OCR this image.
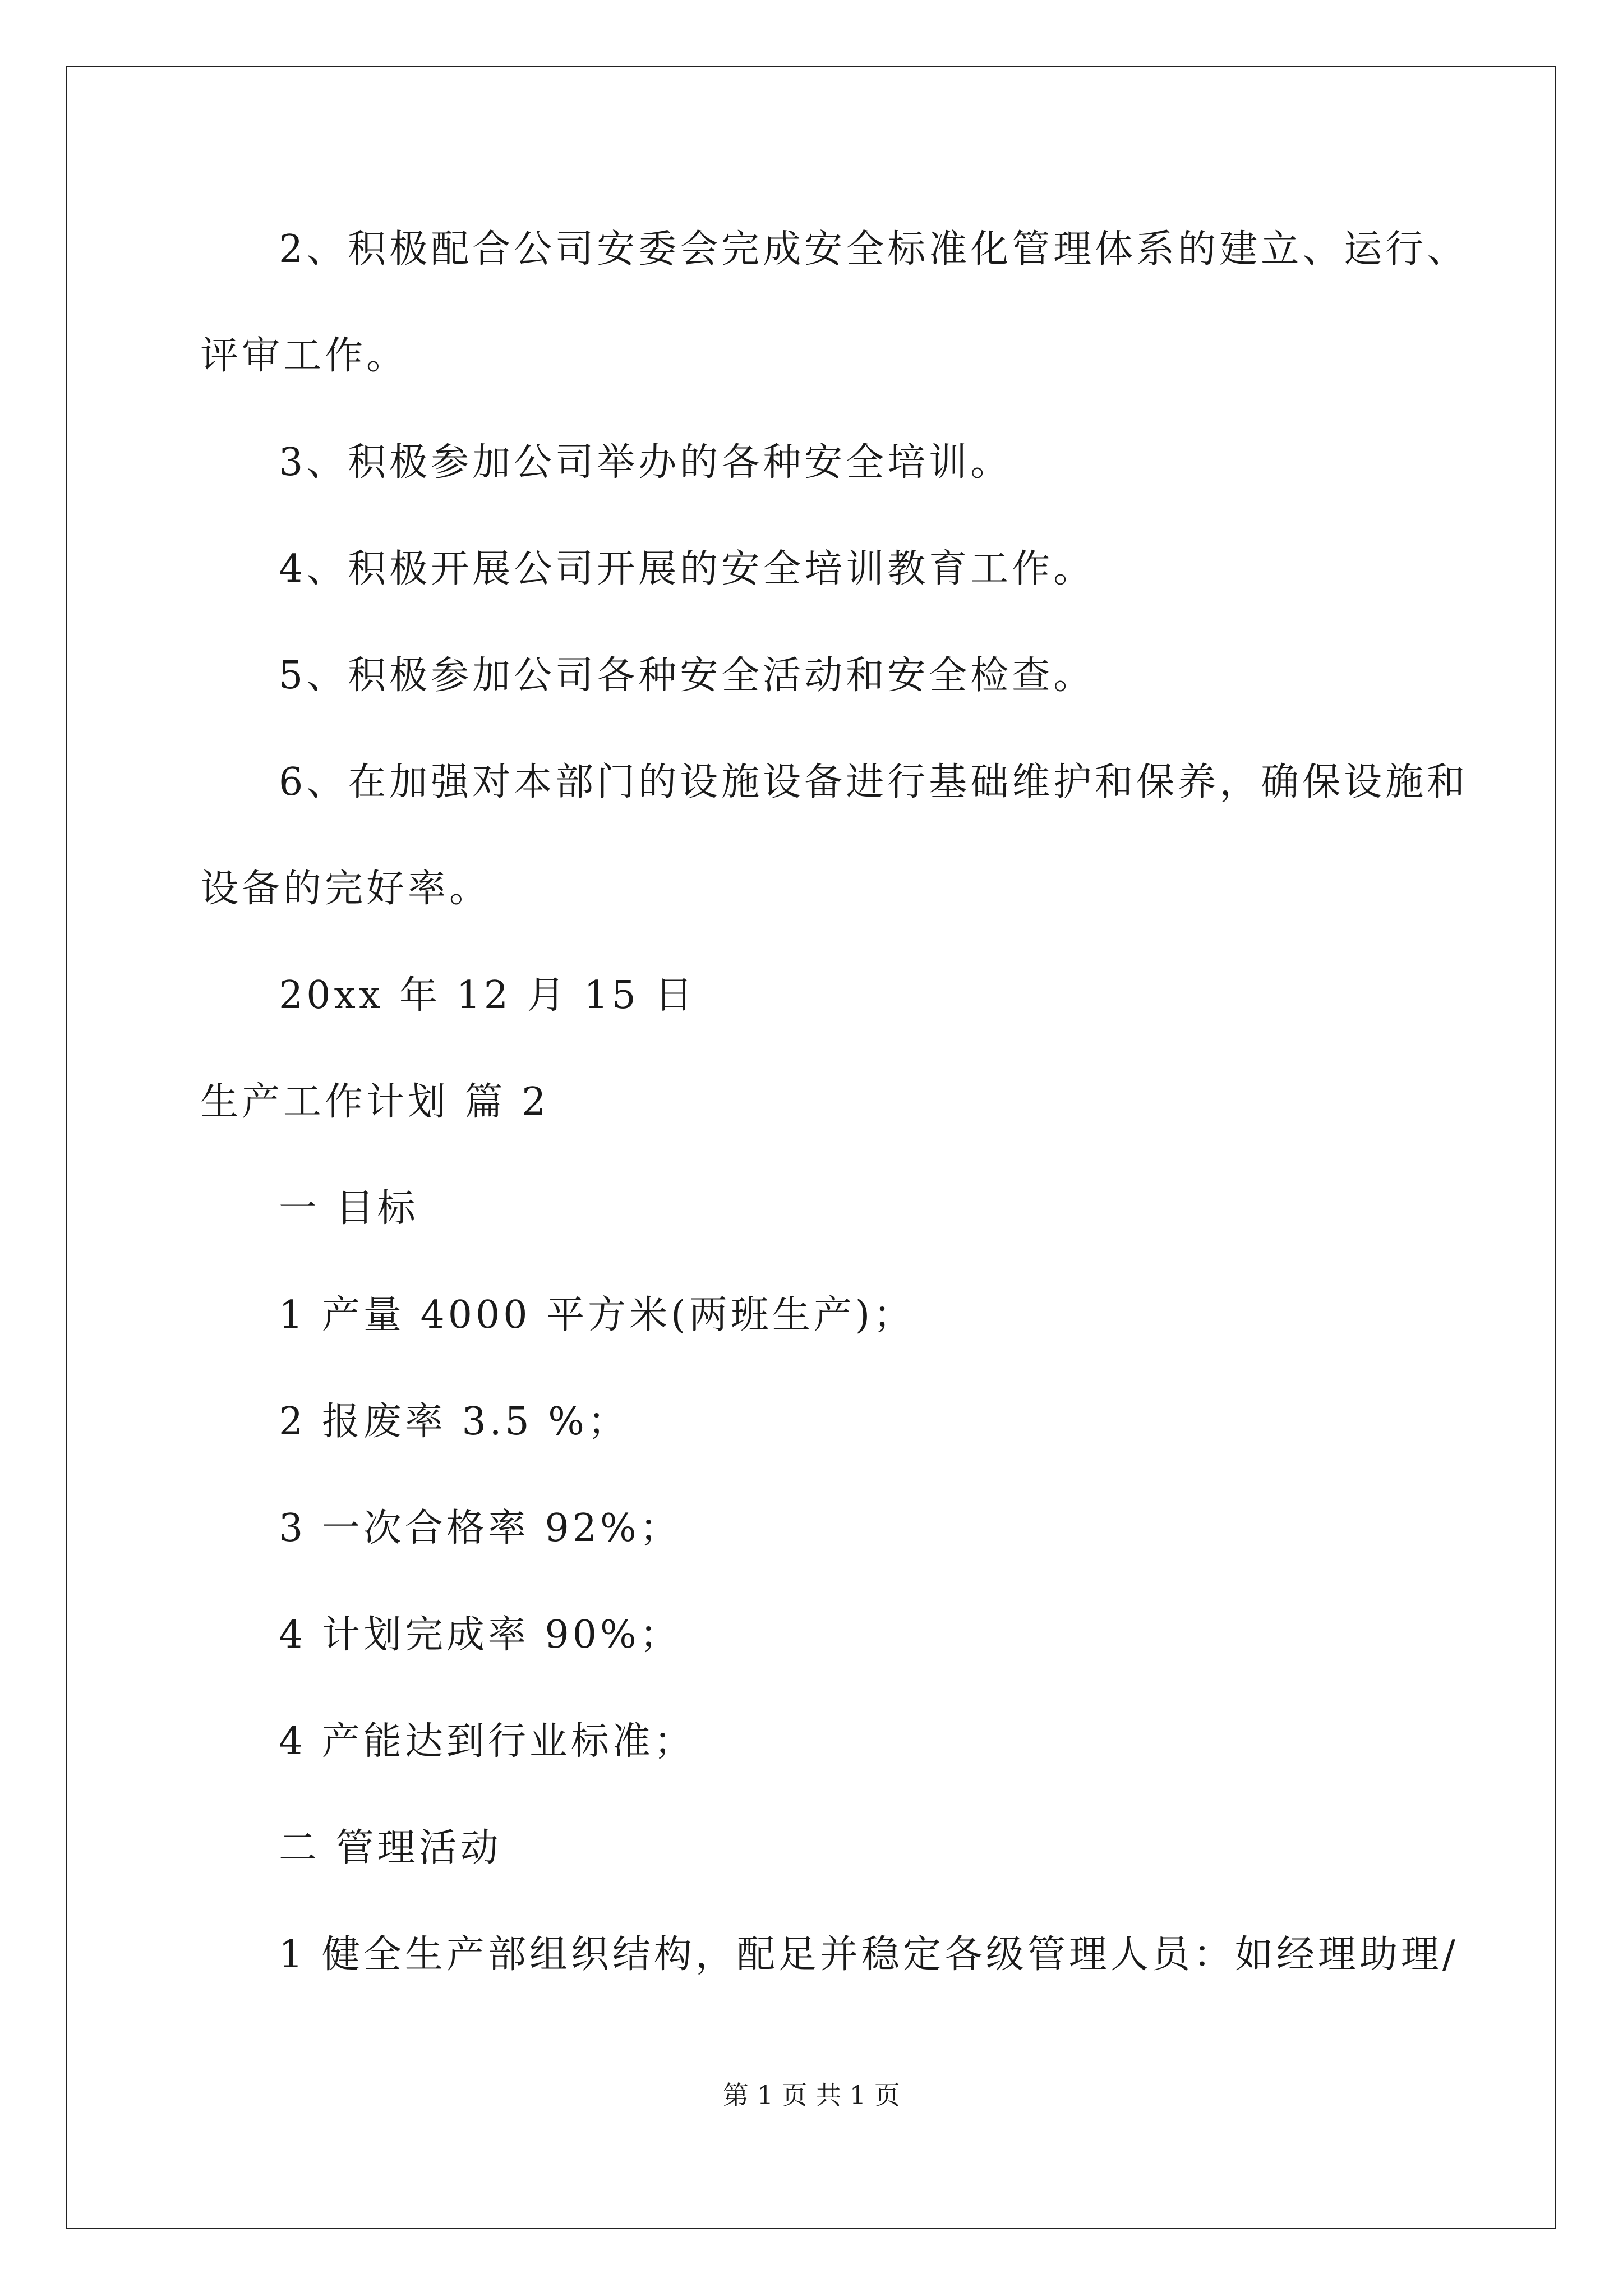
2、积极配合公司安委会完成安全标准化管理体系的建立、运行、
评审工作。
3、积极参加公司举办的各种安全培训。
4、积极开展公司开展的安全培训教育工作。
5、积极参加公司各种安全活动和安全检查。
6、在加强对本部门的设施设备进行基础维护和保养，确保设施和
设备的完好率。
20xx 年 12 月 15 日
生产工作计划 篇 2
一 目标
1 产量 4000 平方米(两班生产)；
2 报废率 3.5 %；
3 一次合格率 92%；
4 计划完成率 90%；
4 产能达到行业标准；
二 管理活动
1 健全生产部组织结构，配足并稳定各级管理人员：如经理助理/
第 1 页 共 1 页
